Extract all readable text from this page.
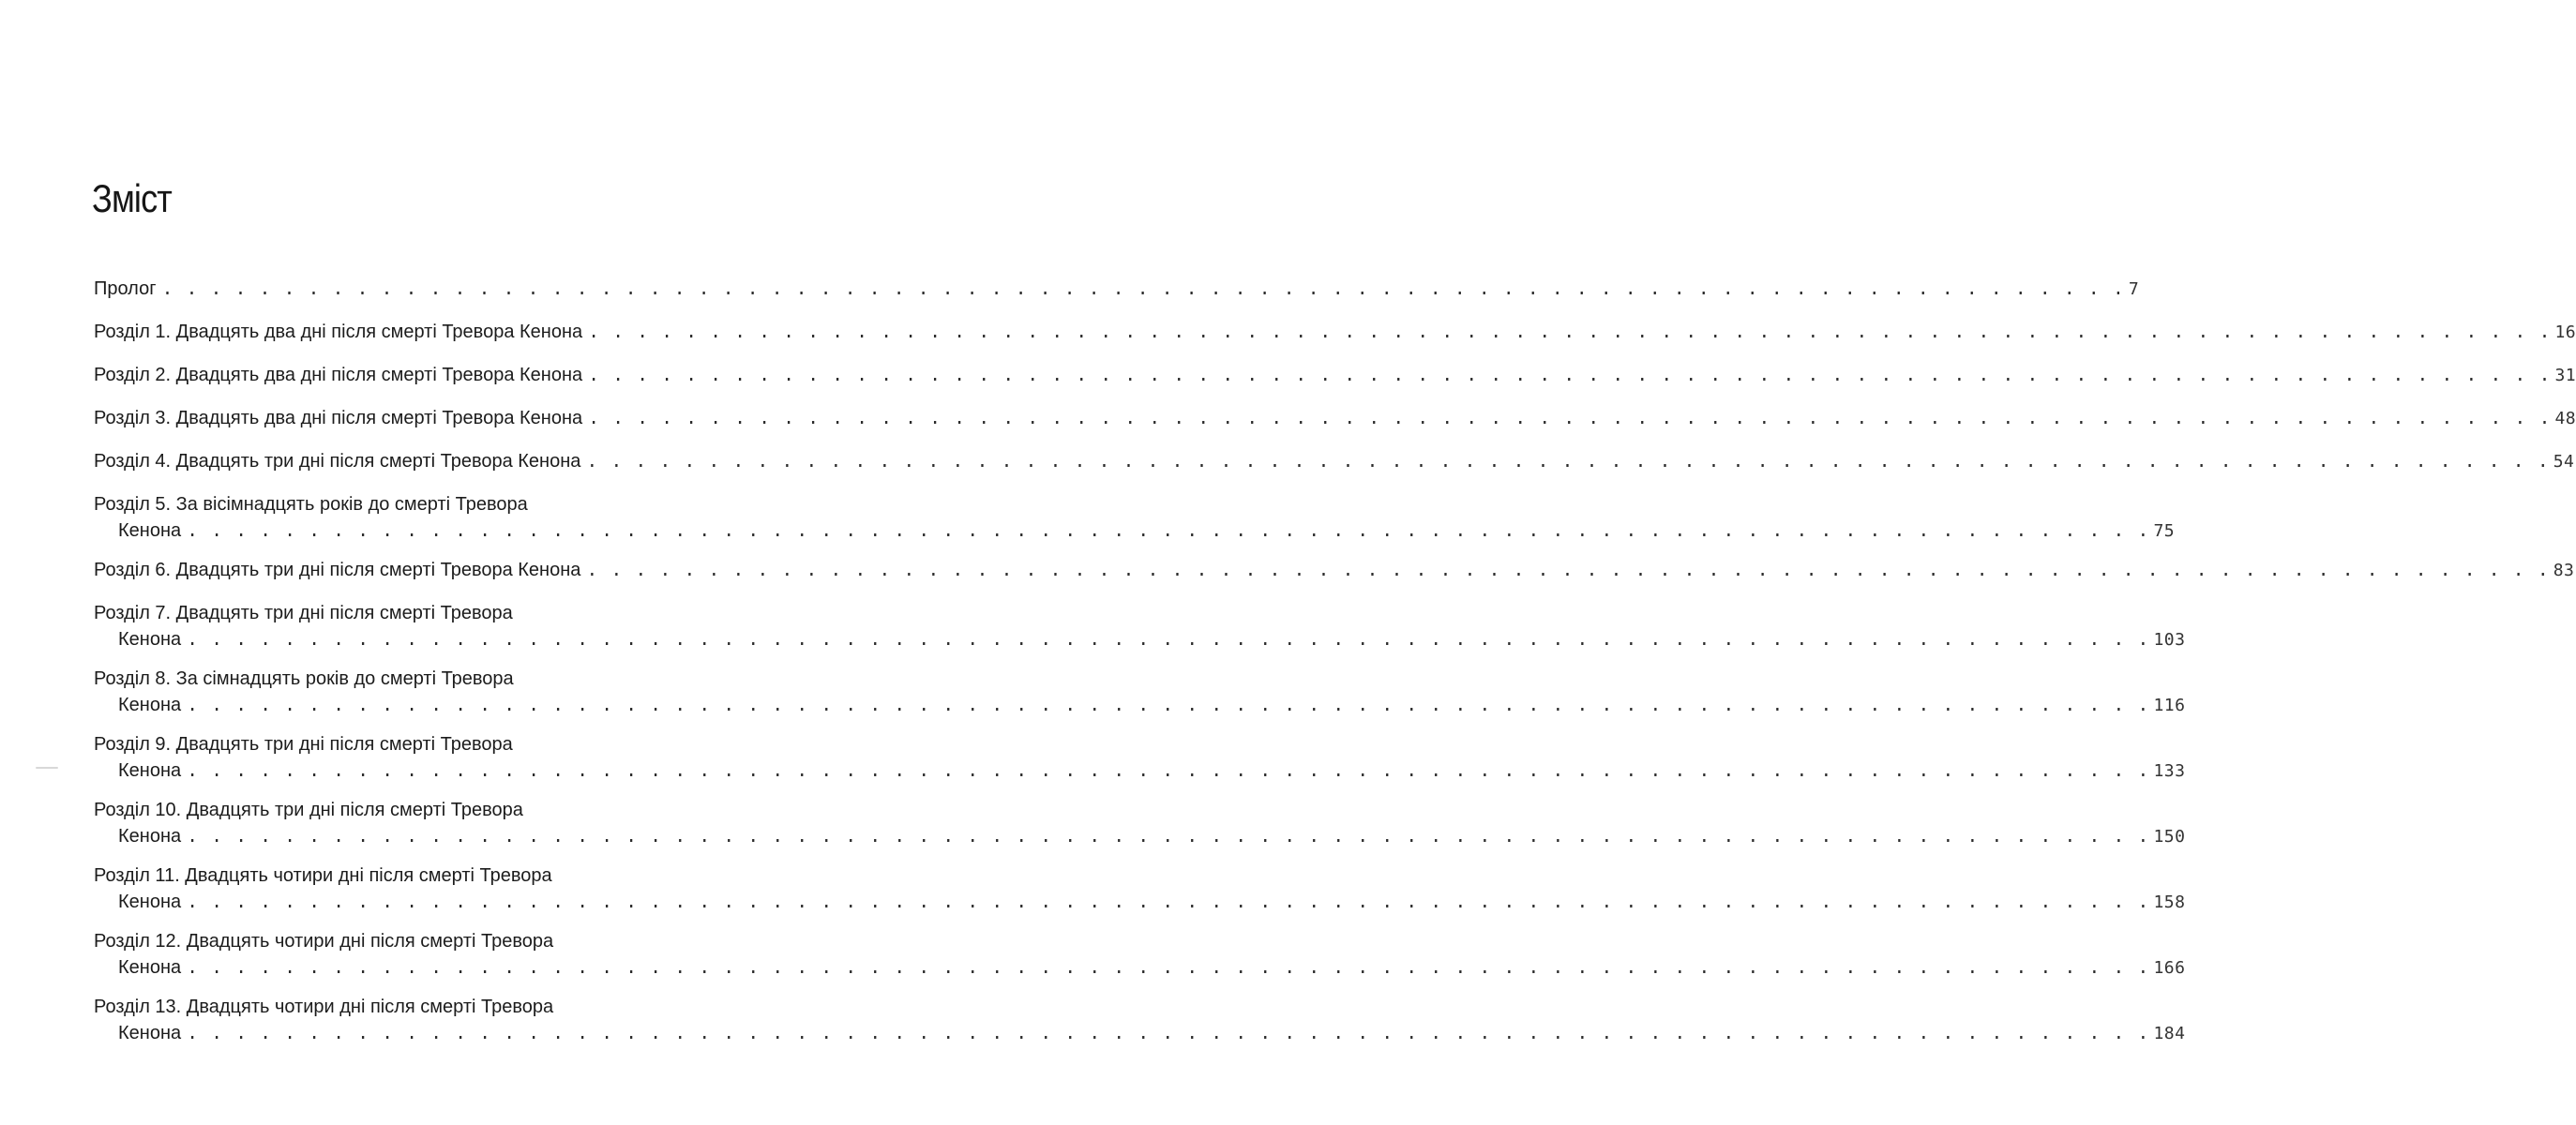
Зміст
Пролог . . . . . . . . . . . . . . . . . . . . . . . . . . . . . . . . . . . . . . . . . . . . . . . . . . . . . . . . . . . . . . . . . . . . . . . . . . . . . . . . . 7
Розділ 1. Двадцять два дні після смерті Тревора Кенона . . . . . . . . . . . . . . . . . . . . . . . . . . . . . . . . . . . . . . . . . . . . . . . . . . . . . . . . . . . . . . . . . . . . . . . . . . . . . . . . . 16
Розділ 2. Двадцять два дні після смерті Тревора Кенона . . . . . . . . . . . . . . . . . . . . . . . . . . . . . . . . . . . . . . . . . . . . . . . . . . . . . . . . . . . . . . . . . . . . . . . . . . . . . . . . . 31
Розділ 3. Двадцять два дні після смерті Тревора Кенона . . . . . . . . . . . . . . . . . . . . . . . . . . . . . . . . . . . . . . . . . . . . . . . . . . . . . . . . . . . . . . . . . . . . . . . . . . . . . . . . . 48
Розділ 4. Двадцять три дні після смерті Тревора Кенона . . . . . . . . . . . . . . . . . . . . . . . . . . . . . . . . . . . . . . . . . . . . . . . . . . . . . . . . . . . . . . . . . . . . . . . . . . . . . . . . . 54
Розділ 5. За вісімнадцять років до смерті Тревора
Кенона . . . . . . . . . . . . . . . . . . . . . . . . . . . . . . . . . . . . . . . . . . . . . . . . . . . . . . . . . . . . . . . . . . . . . . . . . . . . . . . . . 75
Розділ 6. Двадцять три дні після смерті Тревора Кенона . . . . . . . . . . . . . . . . . . . . . . . . . . . . . . . . . . . . . . . . . . . . . . . . . . . . . . . . . . . . . . . . . . . . . . . . . . . . . . . . . 83
Розділ 7. Двадцять три дні після смерті Тревора
Кенона . . . . . . . . . . . . . . . . . . . . . . . . . . . . . . . . . . . . . . . . . . . . . . . . . . . . . . . . . . . . . . . . . . . . . . . . . . . . . . . . . 103
Розділ 8. За сімнадцять років до смерті Тревора
Кенона . . . . . . . . . . . . . . . . . . . . . . . . . . . . . . . . . . . . . . . . . . . . . . . . . . . . . . . . . . . . . . . . . . . . . . . . . . . . . . . . . 116
Розділ 9. Двадцять три дні після смерті Тревора
Кенона . . . . . . . . . . . . . . . . . . . . . . . . . . . . . . . . . . . . . . . . . . . . . . . . . . . . . . . . . . . . . . . . . . . . . . . . . . . . . . . . . 133
Розділ 10. Двадцять три дні після смерті Тревора
Кенона . . . . . . . . . . . . . . . . . . . . . . . . . . . . . . . . . . . . . . . . . . . . . . . . . . . . . . . . . . . . . . . . . . . . . . . . . . . . . . . . . 150
Розділ 11. Двадцять чотири дні після смерті Тревора
Кенона . . . . . . . . . . . . . . . . . . . . . . . . . . . . . . . . . . . . . . . . . . . . . . . . . . . . . . . . . . . . . . . . . . . . . . . . . . . . . . . . . 158
Розділ 12. Двадцять чотири дні після смерті Тревора
Кенона . . . . . . . . . . . . . . . . . . . . . . . . . . . . . . . . . . . . . . . . . . . . . . . . . . . . . . . . . . . . . . . . . . . . . . . . . . . . . . . . . 166
Розділ 13. Двадцять чотири дні після смерті Тревора
Кенона . . . . . . . . . . . . . . . . . . . . . . . . . . . . . . . . . . . . . . . . . . . . . . . . . . . . . . . . . . . . . . . . . . . . . . . . . . . . . . . . . 184
